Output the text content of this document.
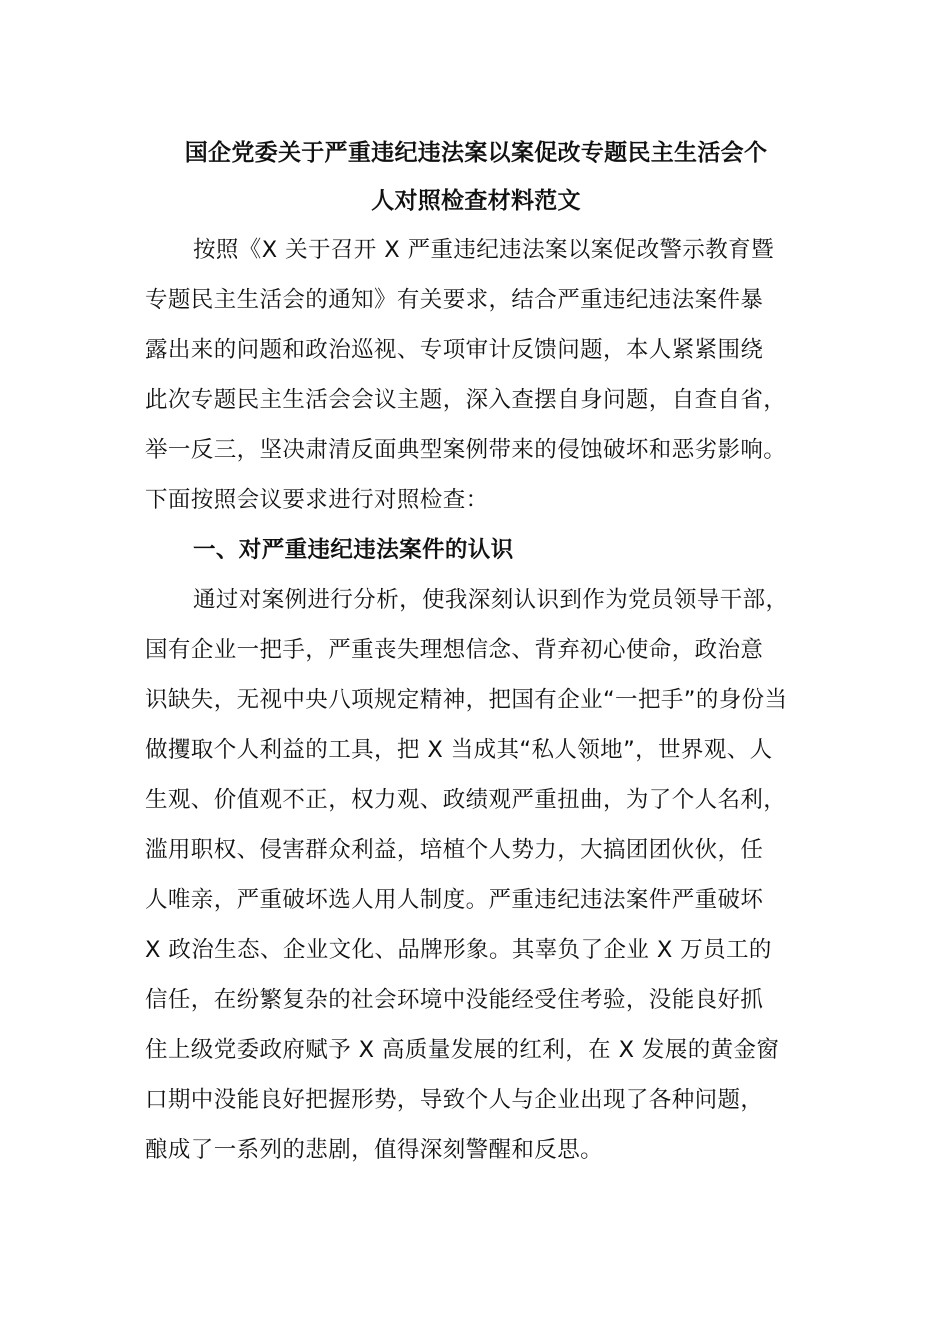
国企党委关于严重违纪违法案以案促改专题民主生活会个
人对照检查材料范文
按照《X 关于召开 X 严重违纪违法案以案促改警示教育暨
专题民主生活会的通知》有关要求，结合严重违纪违法案件暴
露出来的问题和政治巡视、专项审计反馈问题，本人紧紧围绕
此次专题民主生活会会议主题，深入查摆自身问题，自查自省，
举一反三，坚决肃清反面典型案例带来的侵蚀破坏和恶劣影响。
下面按照会议要求进行对照检查：
一、对严重违纪违法案件的认识
通过对案例进行分析，使我深刻认识到作为党员领导干部，
国有企业一把手，严重丧失理想信念、背弃初心使命，政治意
识缺失，无视中央八项规定精神，把国有企业“一把手”的身份当
做攫取个人利益的工具，把 X 当成其“私人领地”，世界观、人
生观、价值观不正，权力观、政绩观严重扭曲，为了个人名利，
滥用职权、侵害群众利益，培植个人势力，大搞团团伙伙，任
人唯亲，严重破坏选人用人制度。严重违纪违法案件严重破坏
X 政治生态、企业文化、品牌形象。其辜负了企业 X 万员工的
信任，在纷繁复杂的社会环境中没能经受住考验，没能良好抓
住上级党委政府赋予 X 高质量发展的红利，在 X 发展的黄金窗
口期中没能良好把握形势，导致个人与企业出现了各种问题，
酿成了一系列的悲剧，值得深刻警醒和反思。
